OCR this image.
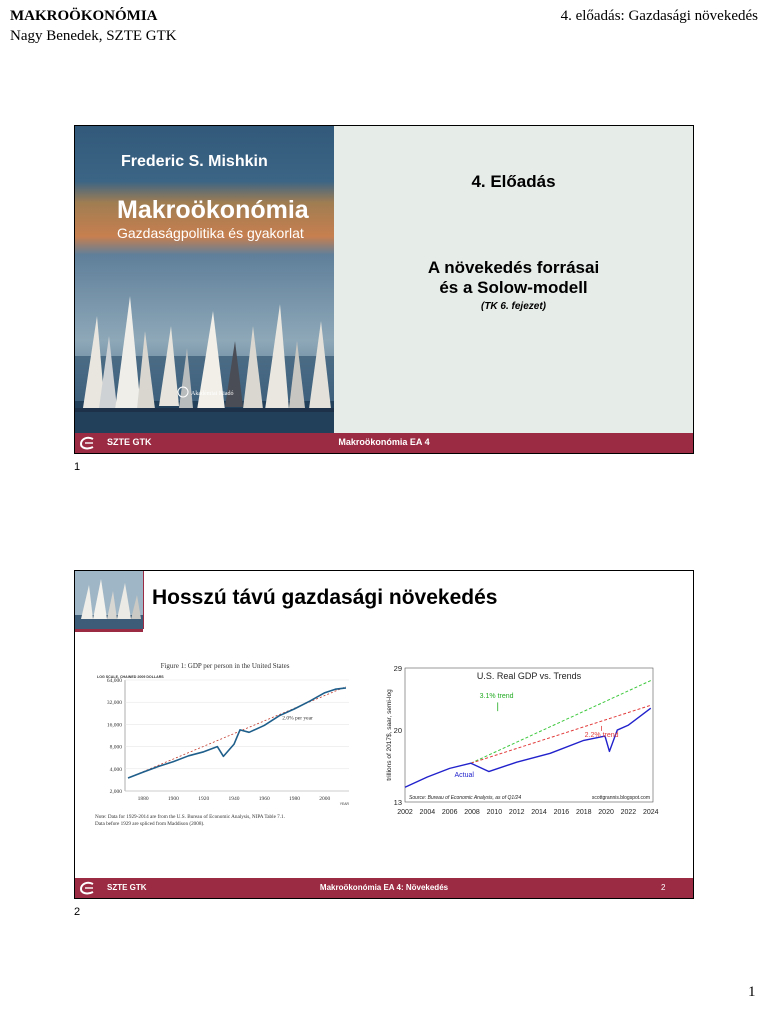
MAKROÖKONÓMIA
Nagy Benedek, SZTE GTK
4. előadás: Gazdasági növekedés
Frederic S. Mishkin
Makroökonómia
Gazdaságpolitika és gyakorlat
Akadémiai Kiadó
4. Előadás
A növekedés forrásai
és a Solow-modell
(TK 6. fejezet)
SZTE GTK	Makroökonómia EA 4
1
Hosszú távú gazdasági növekedés
Figure 1: GDP per person in the United States
LOG SCALE, CHAINED 2009 DOLLARS
64,000
32,000
16,000
8,000
4,000
2,000
1880	1900	1920	1940	1960	1980	2000
YEAR
2.0% per year
Note: Data for 1929-2014 are from the U.S. Bureau of Economic Analysis, NIPA Table 7.1. Data before 1929 are spliced from Maddison (2008).
U.S. Real GDP vs. Trends
trillions of 2017$, saar, semi-log
29
20
13
2002 2004 2006 2008 2010 2012 2014 2016 2018 2020 2022 2024
3.1% trend
2.2% trend
Actual
Source: Bureau of Economic Analysis, as of Q1/24	scottgrannis.blogspot.com
SZTE GTK	Makroökonómia EA 4: Növekedés	2
2
1
